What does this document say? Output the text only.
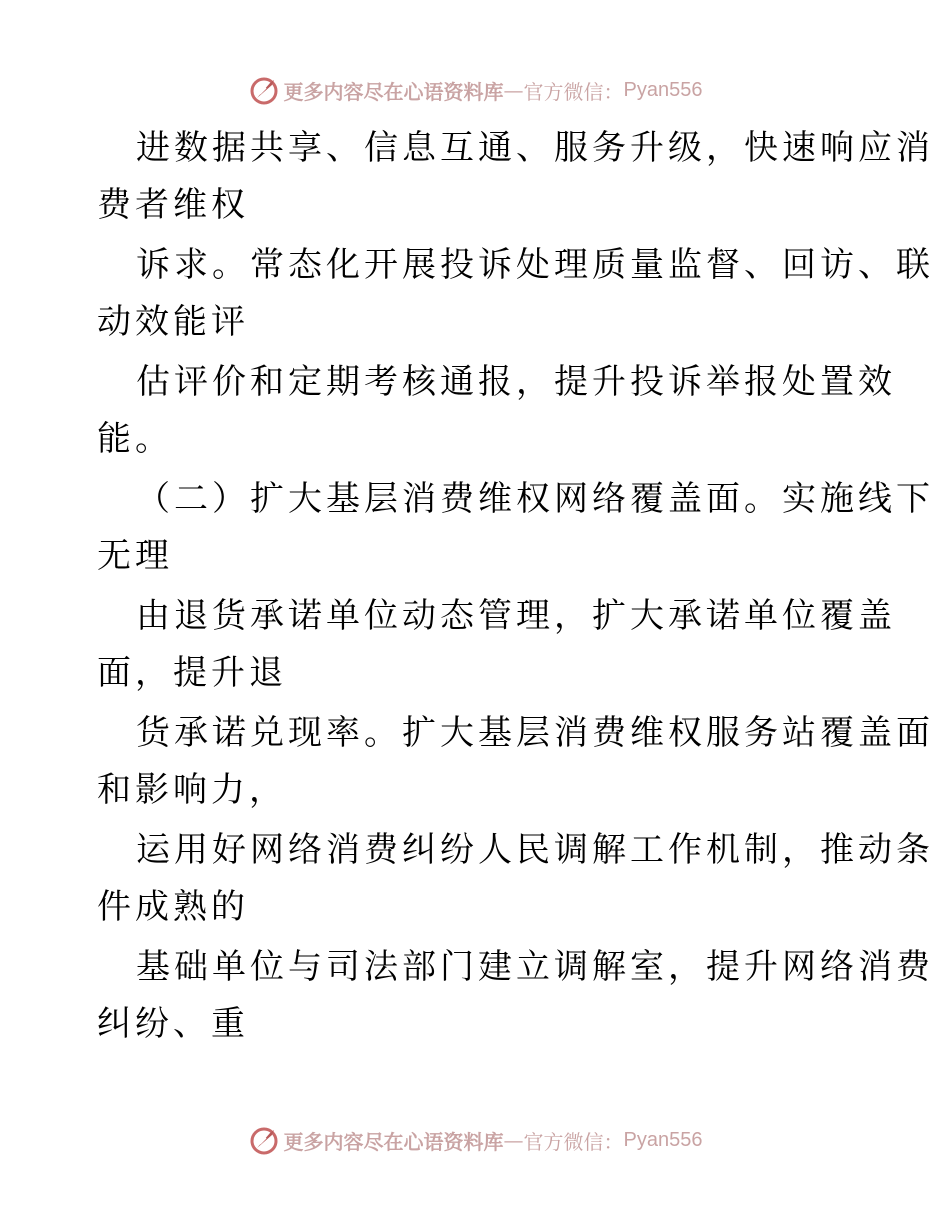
更多内容尽在心语资料库 — 官方微信： Pyan556
进数据共享、信息互通、服务升级，快速响应消
费者维权
诉求。常态化开展投诉处理质量监督、回访、联
动效能评
估评价和定期考核通报，提升投诉举报处置效
能。
（二）扩大基层消费维权网络覆盖面。实施线下
无理
由退货承诺单位动态管理，扩大承诺单位覆盖
面，提升退
货承诺兑现率。扩大基层消费维权服务站覆盖面
和影响力，
运用好网络消费纠纷人民调解工作机制，推动条
件成熟的
基础单位与司法部门建立调解室，提升网络消费
纠纷、重
更多内容尽在心语资料库 — 官方微信： Pyan556
